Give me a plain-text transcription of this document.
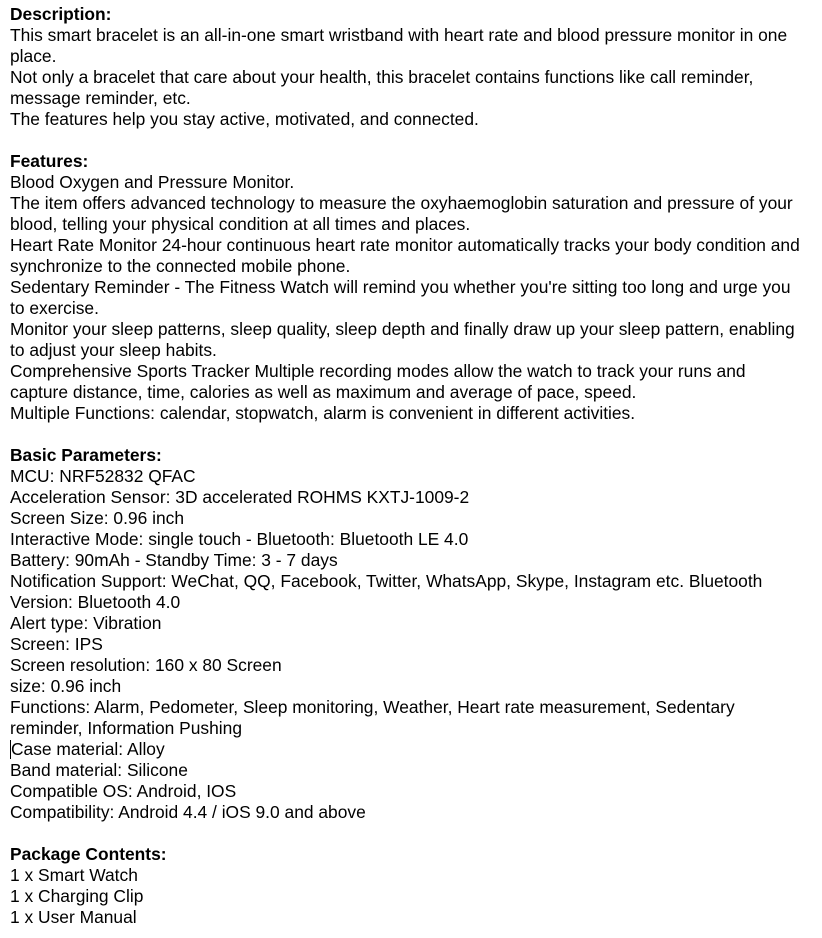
Description:
This smart bracelet is an all-in-one smart wristband with heart rate and blood pressure monitor in one place.
Not only a bracelet that care about your health, this bracelet contains functions like call reminder, message reminder, etc.
The features help you stay active, motivated, and connected.
Features:
Blood Oxygen and Pressure Monitor.
The item offers advanced technology to measure the oxyhaemoglobin saturation and pressure of your blood, telling your physical condition at all times and places.
Heart Rate Monitor 24-hour continuous heart rate monitor automatically tracks your body condition and synchronize to the connected mobile phone.
Sedentary Reminder - The Fitness Watch will remind you whether you're sitting too long and urge you to exercise.
Monitor your sleep patterns, sleep quality, sleep depth and finally draw up your sleep pattern, enabling to adjust your sleep habits.
Comprehensive Sports Tracker Multiple recording modes allow the watch to track your runs and capture distance, time, calories as well as maximum and average of pace, speed.
Multiple Functions: calendar, stopwatch, alarm is convenient in different activities.
Basic Parameters:
MCU: NRF52832 QFAC
Acceleration Sensor: 3D accelerated ROHMS KXTJ-1009-2
Screen Size: 0.96 inch
Interactive Mode: single touch - Bluetooth: Bluetooth LE 4.0
Battery: 90mAh - Standby Time: 3 - 7 days
Notification Support: WeChat, QQ, Facebook, Twitter, WhatsApp, Skype, Instagram etc. Bluetooth Version: Bluetooth 4.0
Alert type: Vibration
Screen: IPS
Screen resolution: 160 x 80 Screen
size: 0.96 inch
Functions: Alarm, Pedometer, Sleep monitoring, Weather, Heart rate measurement, Sedentary reminder, Information Pushing
Case material: Alloy
Band material: Silicone
Compatible OS: Android, IOS
Compatibility: Android 4.4 / iOS 9.0 and above
Package Contents:
1 x Smart Watch
1 x Charging Clip
1 x User Manual
